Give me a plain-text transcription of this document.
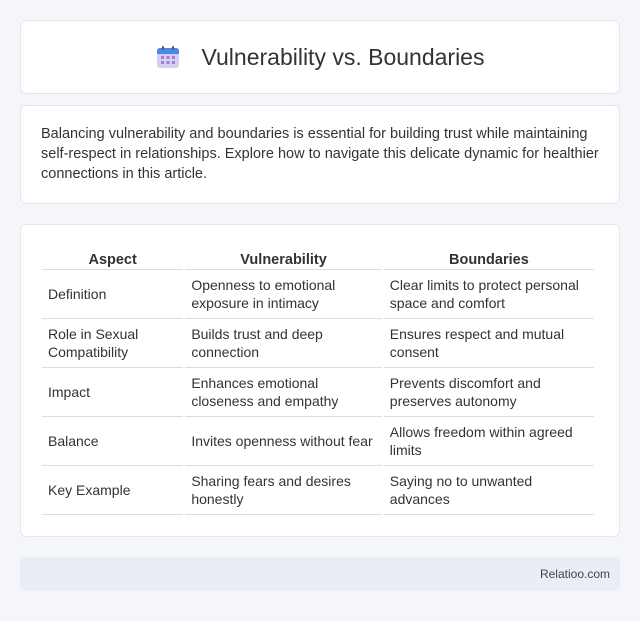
Vulnerability vs. Boundaries

Balancing vulnerability and boundaries is essential for building trust while maintaining self-respect in relationships. Explore how to navigate this delicate dynamic for healthier connections in this article.

Aspect	Vulnerability	Boundaries
Definition	Openness to emotional exposure in intimacy	Clear limits to protect personal space and comfort
Role in Sexual Compatibility	Builds trust and deep connection	Ensures respect and mutual consent
Impact	Enhances emotional closeness and empathy	Prevents discomfort and preserves autonomy
Balance	Invites openness without fear	Allows freedom within agreed limits
Key Example	Sharing fears and desires honestly	Saying no to unwanted advances
Relatioo.com
